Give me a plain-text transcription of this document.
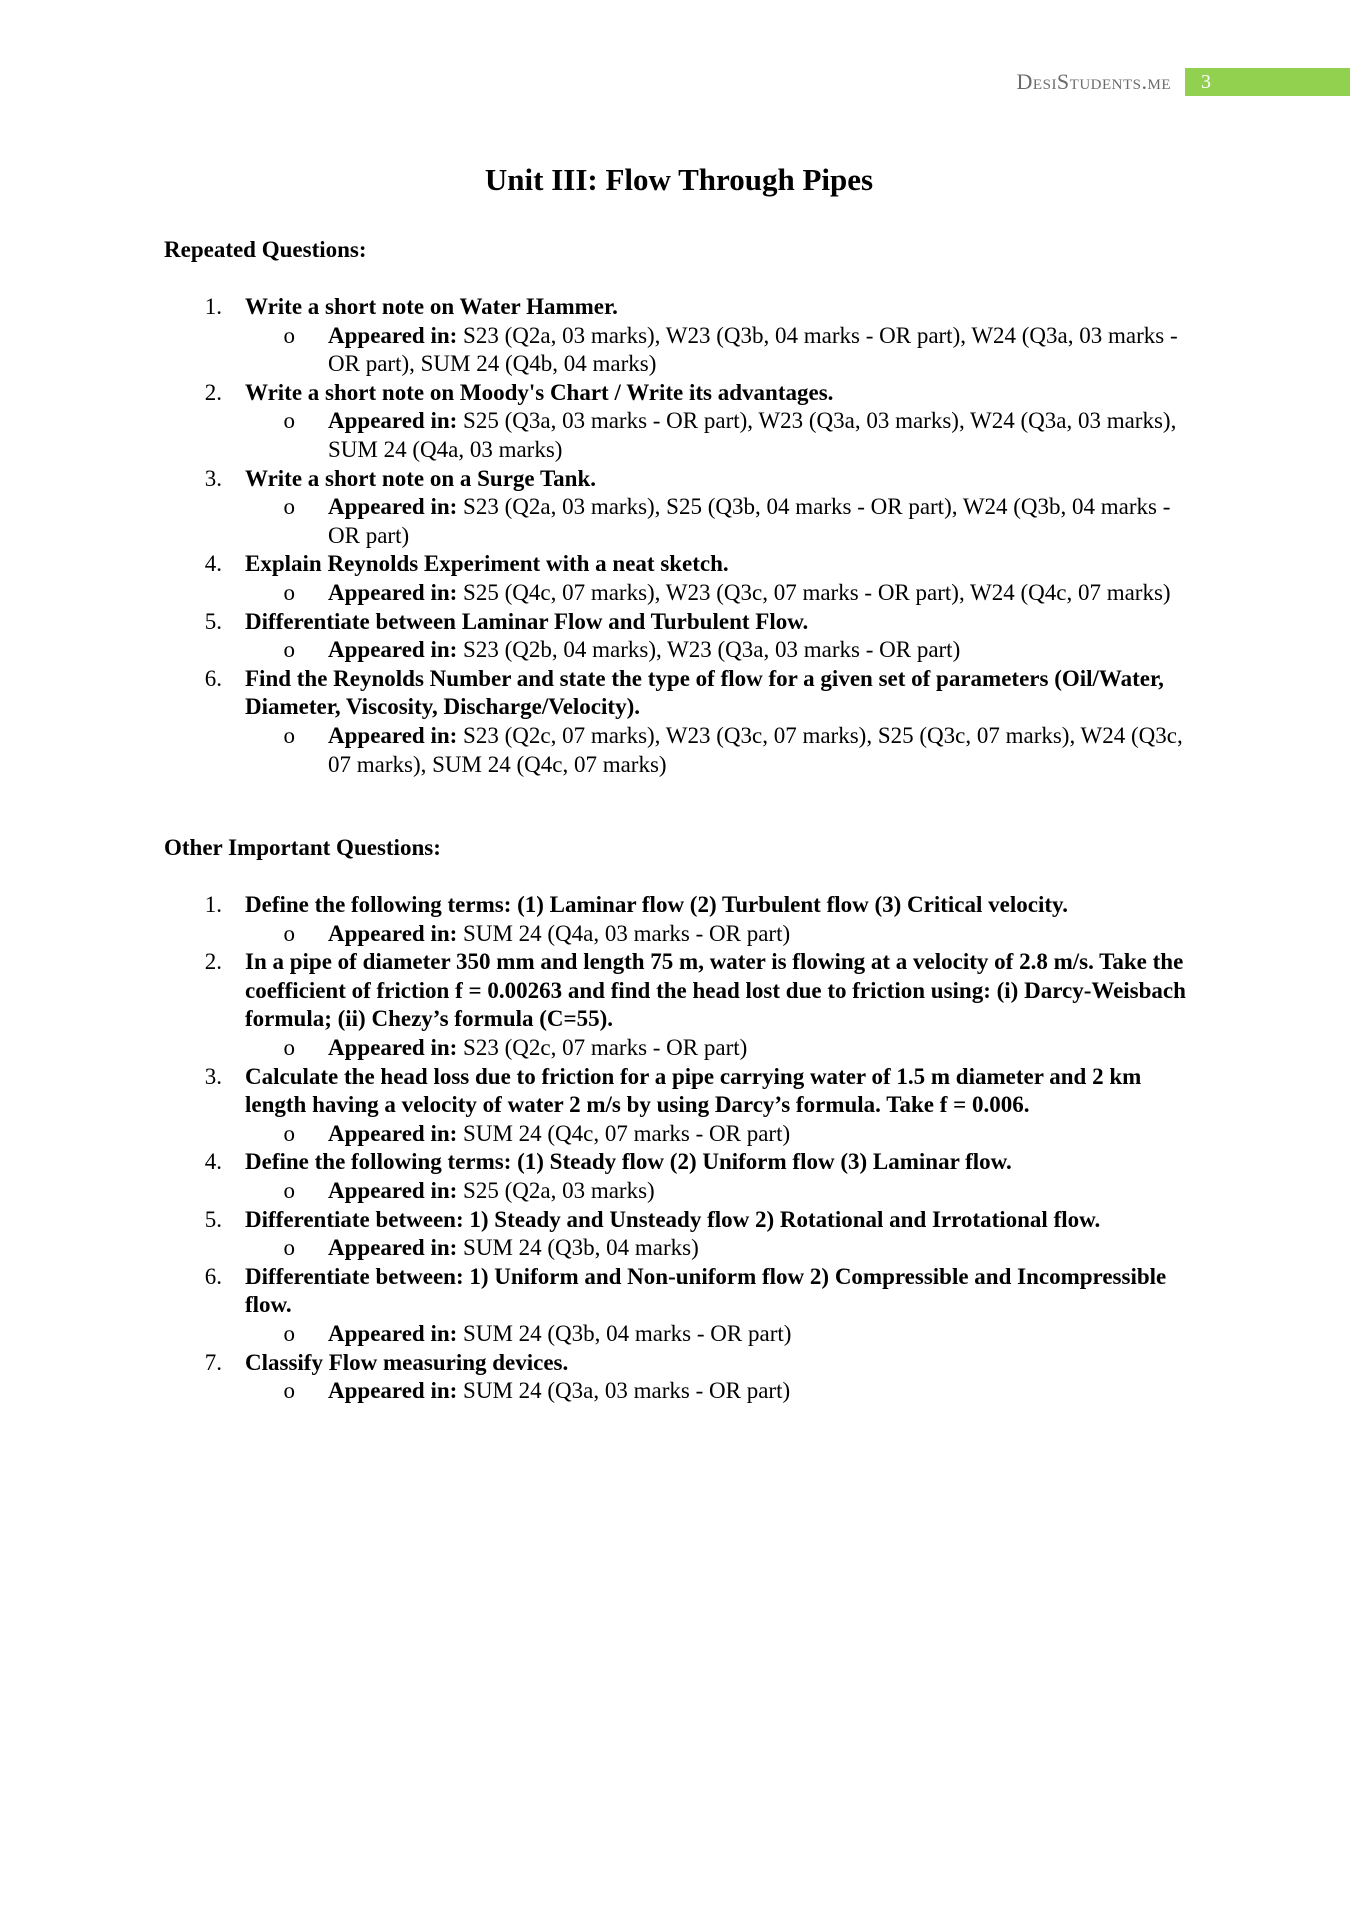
DesiStudents.me	3
Unit III: Flow Through Pipes
Repeated Questions:
1.	Write a short note on Water Hammer.
o	Appeared in: S23 (Q2a, 03 marks), W23 (Q3b, 04 marks - OR part), W24 (Q3a, 03 marks - OR part), SUM 24 (Q4b, 04 marks)
2.	Write a short note on Moody's Chart / Write its advantages.
o	Appeared in: S25 (Q3a, 03 marks - OR part), W23 (Q3a, 03 marks), W24 (Q3a, 03 marks), SUM 24 (Q4a, 03 marks)
3.	Write a short note on a Surge Tank.
o	Appeared in: S23 (Q2a, 03 marks), S25 (Q3b, 04 marks - OR part), W24 (Q3b, 04 marks - OR part)
4.	Explain Reynolds Experiment with a neat sketch.
o	Appeared in: S25 (Q4c, 07 marks), W23 (Q3c, 07 marks - OR part), W24 (Q4c, 07 marks)
5.	Differentiate between Laminar Flow and Turbulent Flow.
o	Appeared in: S23 (Q2b, 04 marks), W23 (Q3a, 03 marks - OR part)
6.	Find the Reynolds Number and state the type of flow for a given set of parameters (Oil/Water, Diameter, Viscosity, Discharge/Velocity).
o	Appeared in: S23 (Q2c, 07 marks), W23 (Q3c, 07 marks), S25 (Q3c, 07 marks), W24 (Q3c, 07 marks), SUM 24 (Q4c, 07 marks)
Other Important Questions:
1.	Define the following terms: (1) Laminar flow (2) Turbulent flow (3) Critical velocity.
o	Appeared in: SUM 24 (Q4a, 03 marks - OR part)
2.	In a pipe of diameter 350 mm and length 75 m, water is flowing at a velocity of 2.8 m/s. Take the coefficient of friction f = 0.00263 and find the head lost due to friction using: (i) Darcy-Weisbach formula; (ii) Chezy’s formula (C=55).
o	Appeared in: S23 (Q2c, 07 marks - OR part)
3.	Calculate the head loss due to friction for a pipe carrying water of 1.5 m diameter and 2 km length having a velocity of water 2 m/s by using Darcy’s formula. Take f = 0.006.
o	Appeared in: SUM 24 (Q4c, 07 marks - OR part)
4.	Define the following terms: (1) Steady flow (2) Uniform flow (3) Laminar flow.
o	Appeared in: S25 (Q2a, 03 marks)
5.	Differentiate between: 1) Steady and Unsteady flow 2) Rotational and Irrotational flow.
o	Appeared in: SUM 24 (Q3b, 04 marks)
6.	Differentiate between: 1) Uniform and Non-uniform flow 2) Compressible and Incompressible flow.
o	Appeared in: SUM 24 (Q3b, 04 marks - OR part)
7.	Classify Flow measuring devices.
o	Appeared in: SUM 24 (Q3a, 03 marks - OR part)
